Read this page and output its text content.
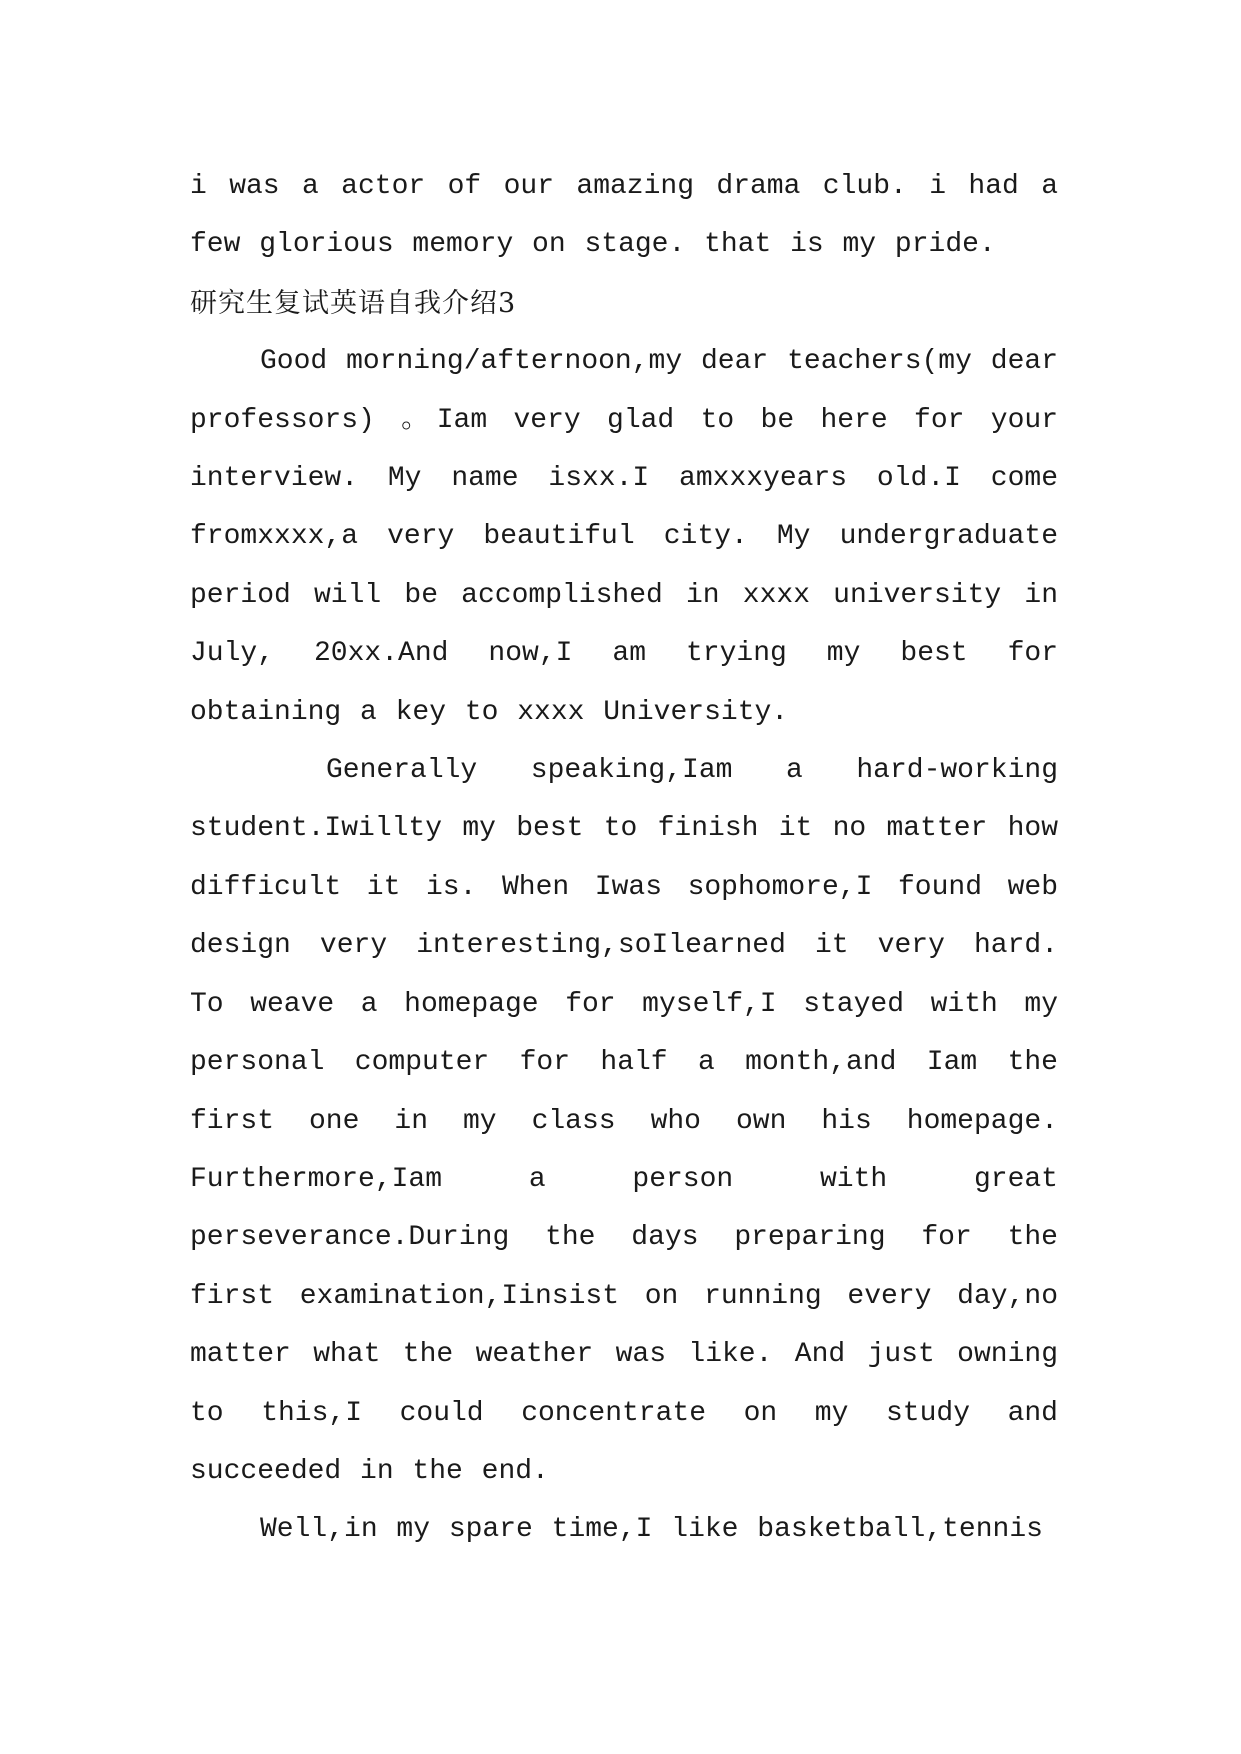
i was a actor of our amazing drama club. i had a few glorious memory on stage. that is my pride.

研究生复试英语自我介绍3

Good morning/afternoon,my dear teachers(my dear professors) 。Iam very glad to be here for your interview. My name isxx.I amxxxyears old.I come fromxxxx,a very beautiful city. My undergraduate period will be accomplished in xxxx university in July, 20xx.And now,I am trying my best for obtaining a key to xxxx University.

Generally speaking,Iam a hard-working student.Iwillty my best to finish it no matter how difficult it is. When Iwas sophomore,I found web design very interesting,soIlearned it very hard. To weave a homepage for myself,I stayed with my personal computer for half a month,and Iam the first one in my class who own his homepage. Furthermore,Iam a person with great perseverance.During the days preparing for the first examination,Iinsist on running every day,no matter what the weather was like. And just owning to this,I could concentrate on my study and succeeded in the end.

Well,in my spare time,I like basketball,tennis
